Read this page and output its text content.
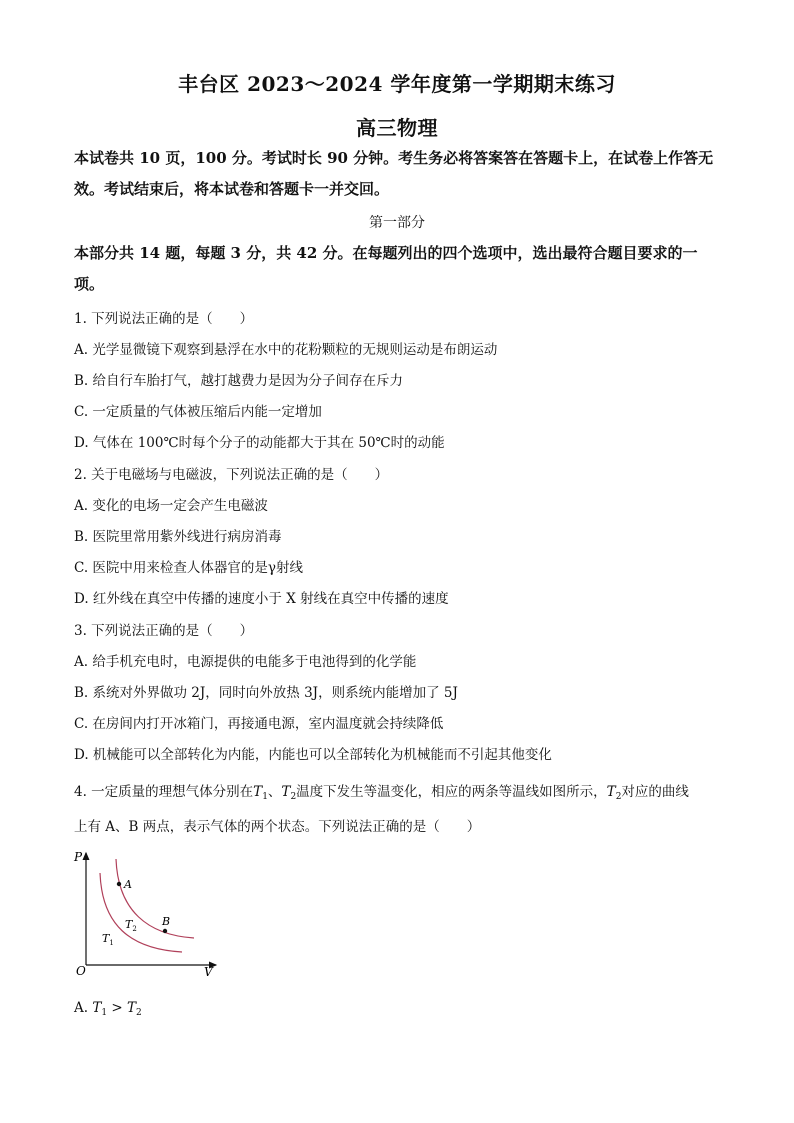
丰台区 2023～2024 学年度第一学期期末练习
高三物理
本试卷共 10 页，100 分。考试时长 90 分钟。考生务必将答案答在答题卡上，在试卷上作答无效。考试结束后，将本试卷和答题卡一并交回。
第一部分
本部分共 14 题，每题 3 分，共 42 分。在每题列出的四个选项中，选出最符合题目要求的一项。
1. 下列说法正确的是（　　）
A. 光学显微镜下观察到悬浮在水中的花粉颗粒的无规则运动是布朗运动
B. 给自行车胎打气，越打越费力是因为分子间存在斥力
C. 一定质量的气体被压缩后内能一定增加
D. 气体在 100℃时每个分子的动能都大于其在 50℃时的动能
2. 关于电磁场与电磁波，下列说法正确的是（　　）
A. 变化的电场一定会产生电磁波
B. 医院里常用紫外线进行病房消毒
C. 医院中用来检查人体器官的是γ射线
D. 红外线在真空中传播的速度小于 X 射线在真空中传播的速度
3. 下列说法正确的是（　　）
A. 给手机充电时，电源提供的电能多于电池得到的化学能
B. 系统对外界做功 2J，同时向外放热 3J，则系统内能增加了 5J
C. 在房间内打开冰箱门，再接通电源，室内温度就会持续降低
D. 机械能可以全部转化为内能，内能也可以全部转化为机械能而不引起其他变化
4. 一定质量的理想气体分别在$T_1$、$T_2$温度下发生等温变化，相应的两条等温线如图所示，$T_2$对应的曲线
上有 A、B 两点，表示气体的两个状态。下列说法正确的是（　　）
P
V
O
A
B
$T_2$
$T_1$
A. $T_1 > T_2$
